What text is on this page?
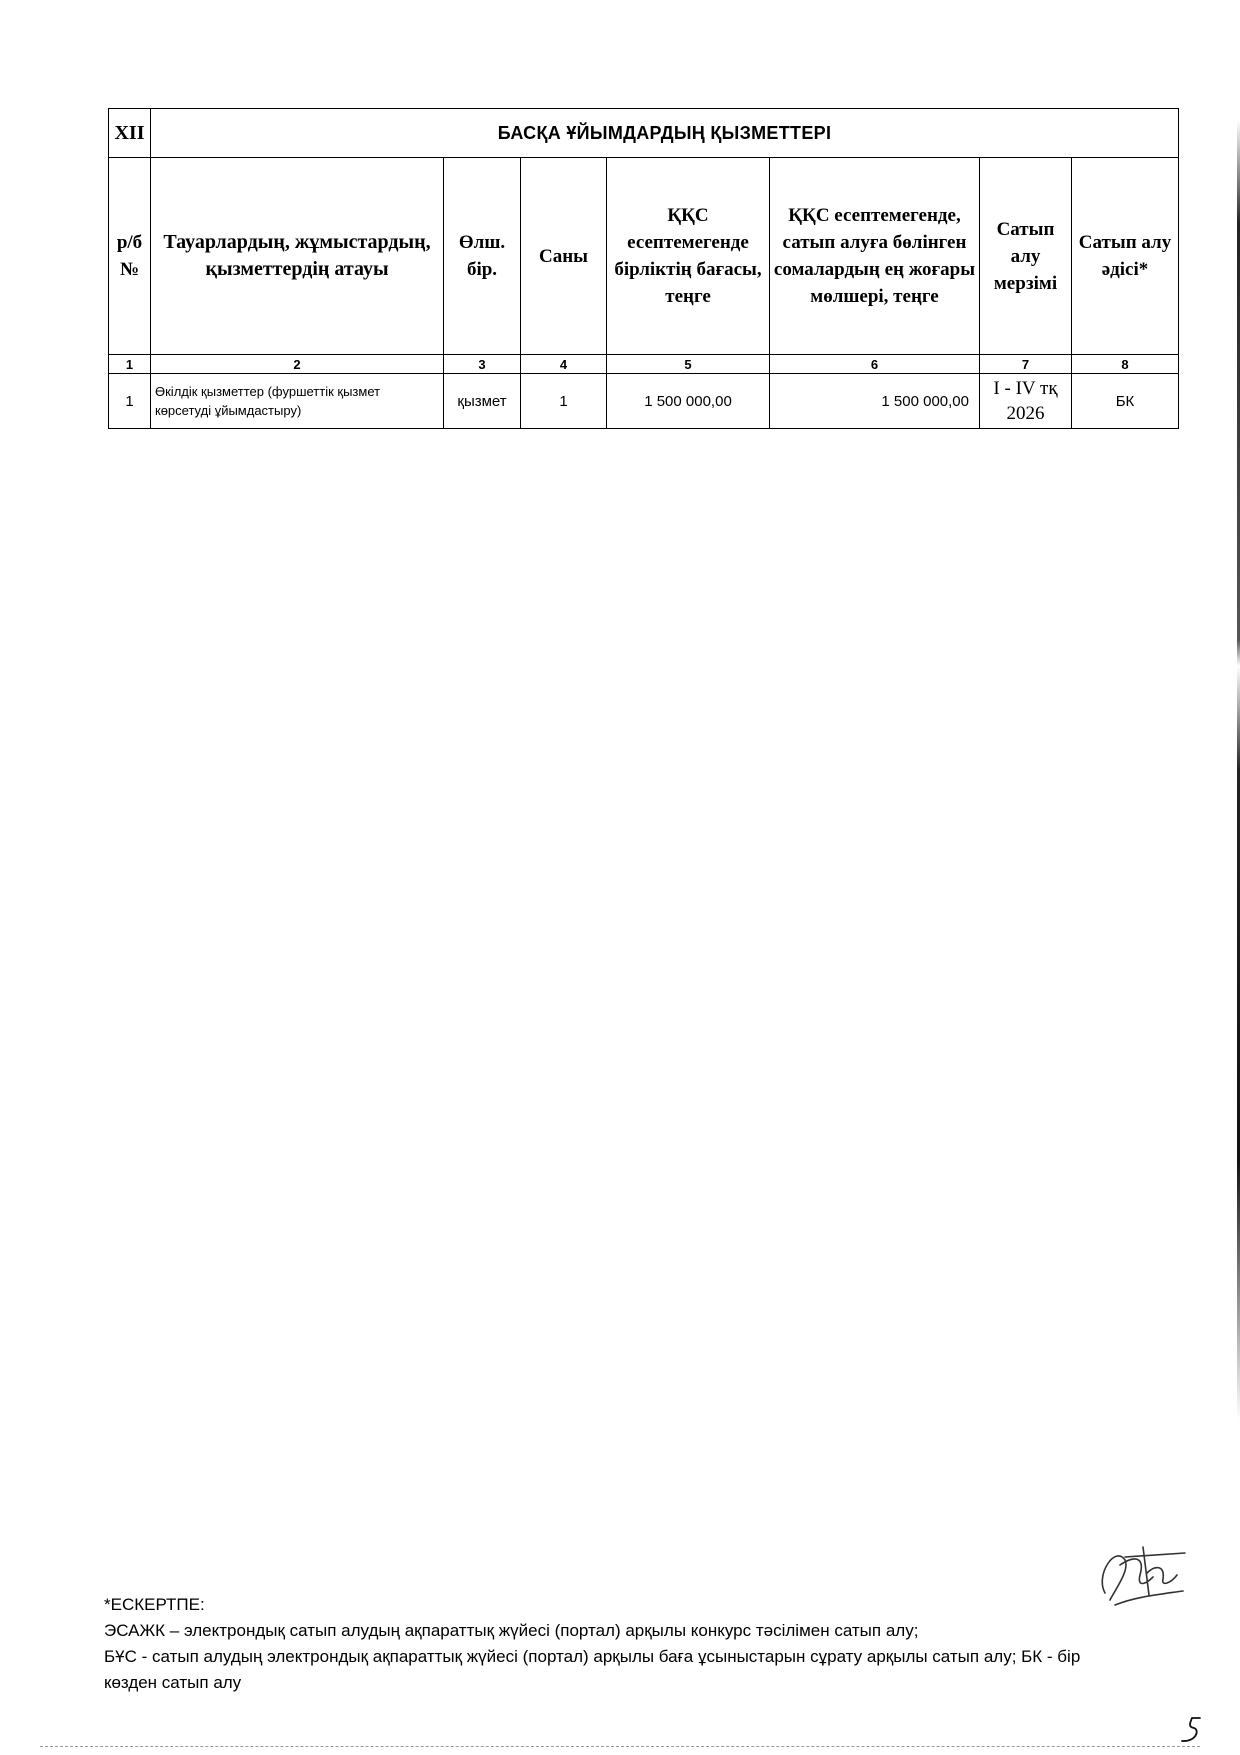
XII	БАСҚА ҰЙЫМДАРДЫҢ ҚЫЗМЕТТЕРІ						
р/б №	Тауарлардың, жұмыстардың, қызметтердің атауы	Өлш. бір.	Саны	ҚҚС есептемегенде бірліктің бағасы, теңге	ҚҚС есептемегенде, сатып алуға бөлінген сомалардың ең жоғары мөлшері, теңге	Сатып алу мерзімі	Сатып алу әдісі*
1	2	3	4	5	6	7	8
1	Өкілдік қызметтер (фуршеттік қызмет көрсетуді ұйымдастыру)	қызмет	1	1 500 000,00	1 500 000,00	I - IV тқ 2026	БК

*ЕСКЕРТПЕ:

ЭСАЖК – электрондық сатып алудың ақпараттық жүйесі (портал) арқылы конкурс тәсілімен сатып алу;

БҰС - сатып алудың электрондық ақпараттық жүйесі (портал) арқылы баға ұсыныстарын сұрату арқылы сатып алу; БК - бір көзден сатып алу
